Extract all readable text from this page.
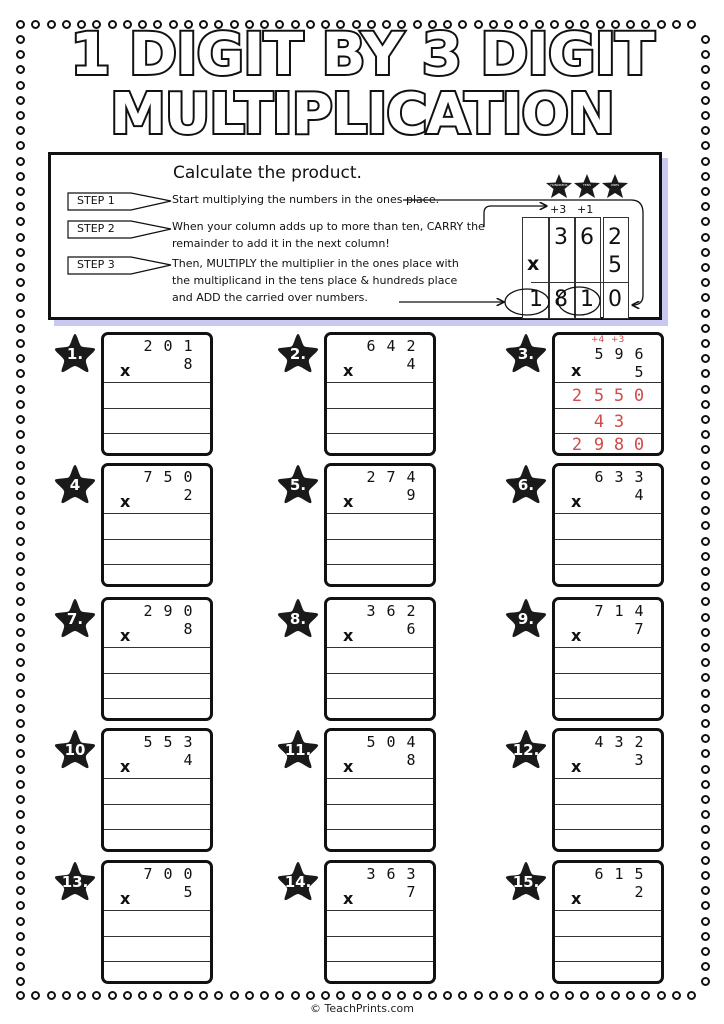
1 DIGIT BY 3 DIGIT
MULTIPLICATION
Calculate the product.
STEP 1	Start multiplying the numbers in the ones place.
STEP 2	When your column adds up to more than ten, CARRY the
remainder to add it in the next column!
STEP 3	Then, MULTIPLY the multiplier in the ones place with
the multiplicand in the tens place & hundreds place
and ADD the carried over numbers.
HUNDREDS	TENS	ONES
+3 +1
3 6 2
x	5
1 8 1 0
1.	2 0 1
x	8
2.	6 4 2
x	4
3.	5 9 6
+4 +3
x	5
2 5 5 0
4 3
2 9 8 0
4	7 5 0
x	2
5.	2 7 4
x	9
6.	6 3 3
x	4
7.	2 9 0
x	8
8.	3 6 2
x	6
9.	7 1 4
x	7
10	5 5 3
x	4
11.	5 0 4
x	8
12.	4 3 2
x	3
13.	7 0 0
x	5
14.	3 6 3
x	7
15.	6 1 5
x	2
© TeachPrints.com
